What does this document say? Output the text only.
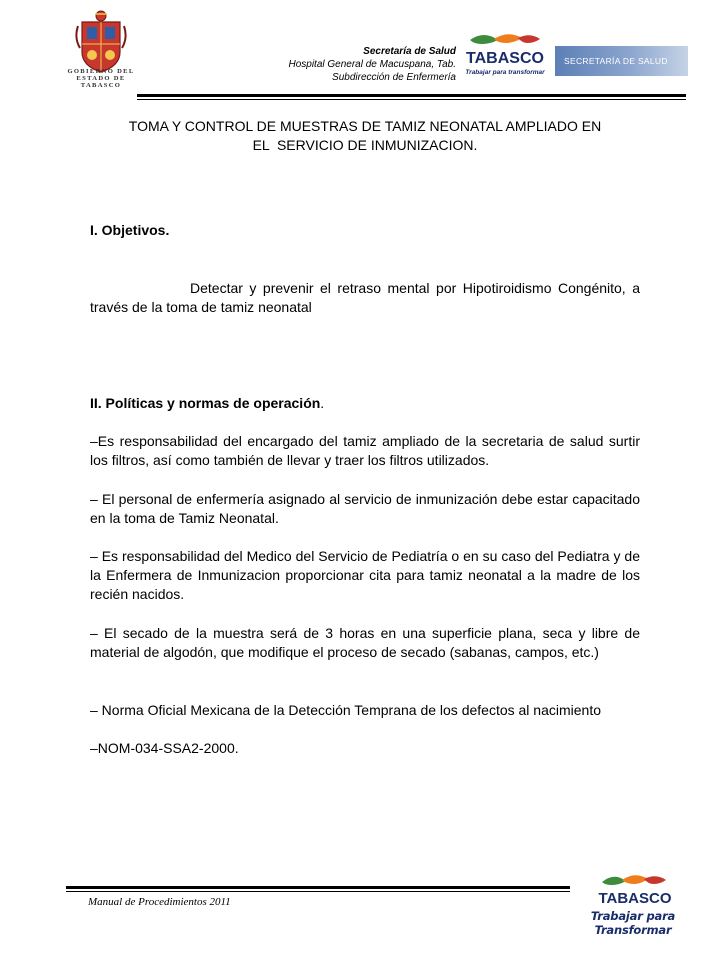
GOBIERNO DEL
ESTADO DE
TABASCO
Secretaría de Salud
Hospital General de Macuspana, Tab.
Subdirección de Enfermería
TABASCO
Trabajar para transformar
SECRETARÍA DE SALUD
TOMA Y CONTROL DE MUESTRAS DE TAMIZ NEONATAL AMPLIADO EN
EL  SERVICIO DE INMUNIZACION.
I. Objetivos.
Detectar y prevenir el retraso mental por Hipotiroidismo Congénito, a través de la toma de tamiz neonatal
II. Políticas y normas de operación.
–Es responsabilidad del encargado del tamiz ampliado de la secretaria de salud surtir los filtros, así como también de llevar y traer los filtros utilizados.
– El personal de enfermería asignado al servicio de inmunización debe estar capacitado en la toma de Tamiz Neonatal.
– Es responsabilidad del Medico del Servicio de Pediatría o en su caso del Pediatra y de la Enfermera de Inmunizacion proporcionar cita para tamiz neonatal a la madre de los recién nacidos.
– El secado de la muestra será de 3 horas en una superficie plana, seca y libre de material de algodón, que modifique el proceso de secado (sabanas, campos, etc.)
– Norma Oficial Mexicana de la Detección Temprana de los defectos al nacimiento
–NOM-034-SSA2-2000.
Manual de Procedimientos 2011	TABASCO
Trabajar para Transformar
